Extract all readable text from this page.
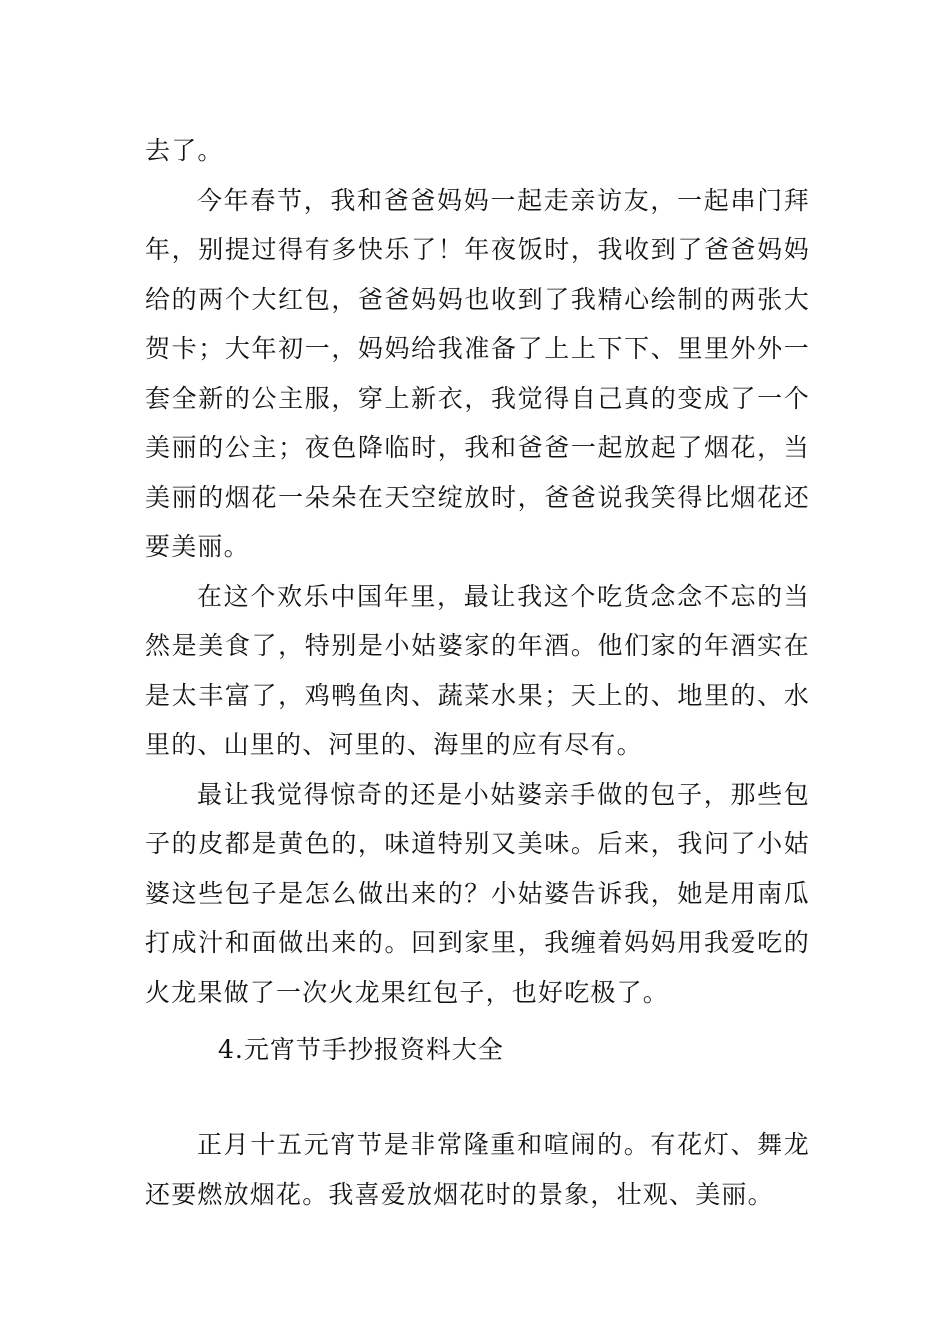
去了。

今年春节，我和爸爸妈妈一起走亲访友，一起串门拜年，别提过得有多快乐了！年夜饭时，我收到了爸爸妈妈给的两个大红包，爸爸妈妈也收到了我精心绘制的两张大贺卡；大年初一，妈妈给我准备了上上下下、里里外外一套全新的公主服，穿上新衣，我觉得自己真的变成了一个美丽的公主；夜色降临时，我和爸爸一起放起了烟花，当美丽的烟花一朵朵在天空绽放时，爸爸说我笑得比烟花还要美丽。

在这个欢乐中国年里，最让我这个吃货念念不忘的当然是美食了，特别是小姑婆家的年酒。他们家的年酒实在是太丰富了，鸡鸭鱼肉、蔬菜水果；天上的、地里的、水里的、山里的、河里的、海里的应有尽有。

最让我觉得惊奇的还是小姑婆亲手做的包子，那些包子的皮都是黄色的，味道特别又美味。后来，我问了小姑婆这些包子是怎么做出来的？小姑婆告诉我，她是用南瓜打成汁和面做出来的。回到家里，我缠着妈妈用我爱吃的火龙果做了一次火龙果红包子，也好吃极了。

4.元宵节手抄报资料大全

正月十五元宵节是非常隆重和喧闹的。有花灯、舞龙还要燃放烟花。我喜爱放烟花时的景象，壮观、美丽。
